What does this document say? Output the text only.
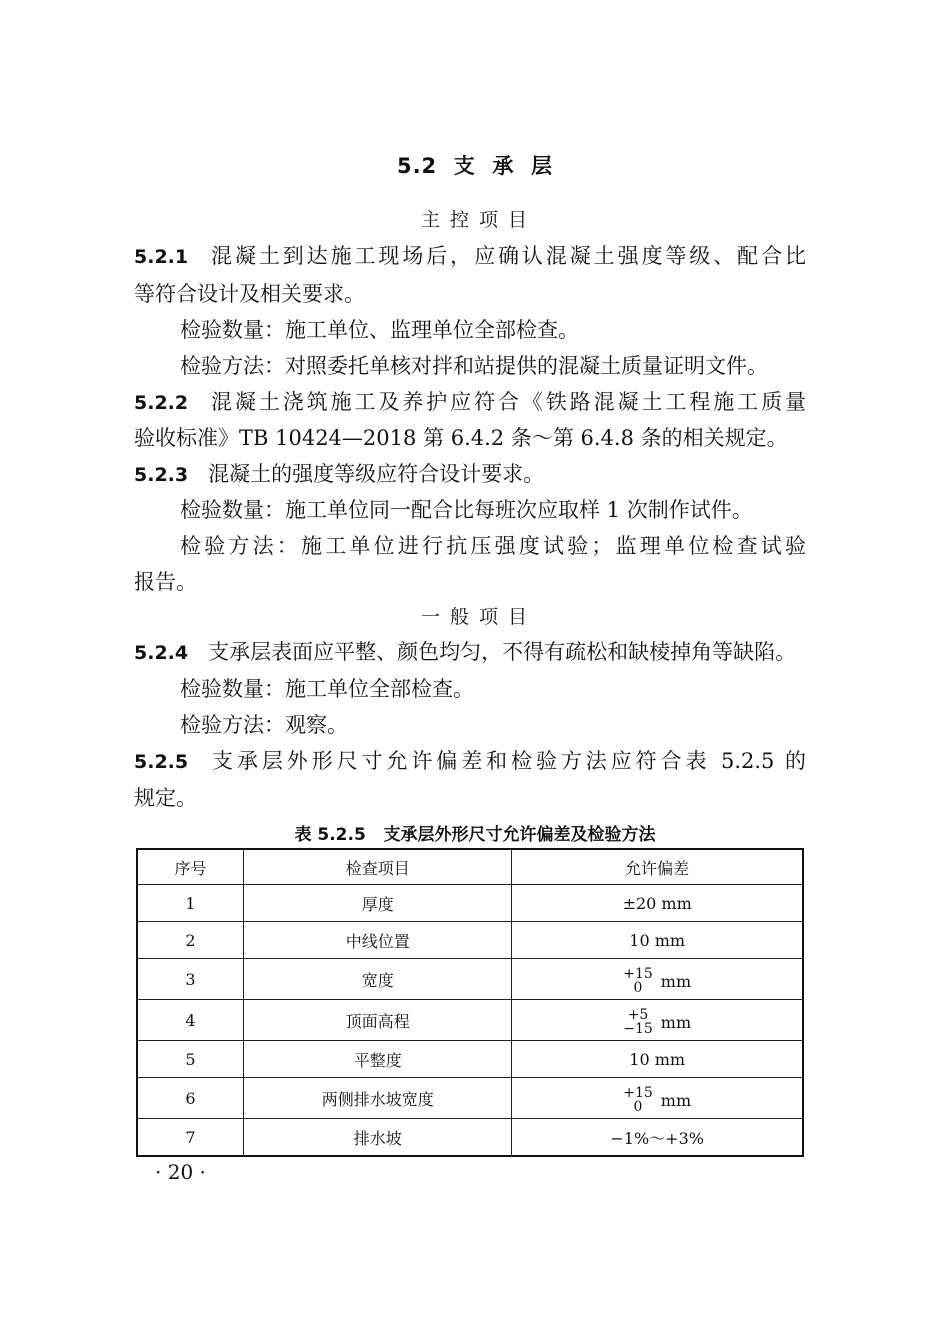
5.2  支  承  层
主 控 项 目
5.2.1 混凝土到达施工现场后，应确认混凝土强度等级、配合比
等符合设计及相关要求。
检验数量：施工单位、监理单位全部检查。
检验方法：对照委托单核对拌和站提供的混凝土质量证明文件。
5.2.2 混凝土浇筑施工及养护应符合《铁路混凝土工程施工质量
验收标准》TB 10424—2018 第 6.4.2 条～第 6.4.8 条的相关规定。
5.2.3 混凝土的强度等级应符合设计要求。
检验数量：施工单位同一配合比每班次应取样 1 次制作试件。
检验方法：施工单位进行抗压强度试验；监理单位检查试验
报告。
一 般 项 目
5.2.4 支承层表面应平整、颜色均匀，不得有疏松和缺棱掉角等缺陷。
检验数量：施工单位全部检查。
检验方法：观察。
5.2.5 支承层外形尺寸允许偏差和检验方法应符合表 5.2.5 的
规定。
表 5.2.5   支承层外形尺寸允许偏差及检验方法
序号	检查项目	允许偏差
1	厚度	±20 mm
2	中线位置	10 mm
3	宽度	+15
0 mm

4	顶面高程	+5
−15 mm

5	平整度	10 mm
6	两侧排水坡宽度	+15
0 mm

7	排水坡	−1%～+3%
· 20 ·
